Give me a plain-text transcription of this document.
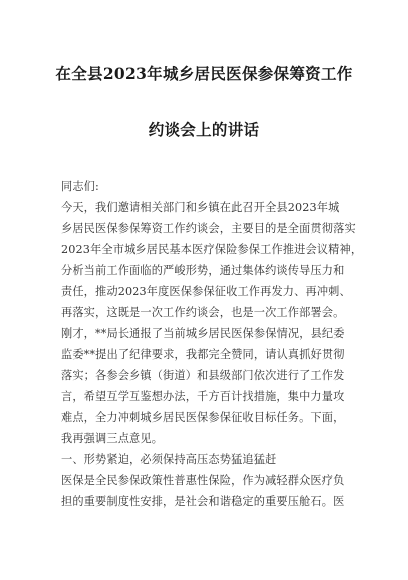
在全县2023年城乡居民医保参保筹资工作
约谈会上的讲话
同志们:
今天，我们邀请相关部门和乡镇在此召开全县2023年城
乡居民医保参保筹资工作约谈会，主要目的是全面贯彻落实
2023年全市城乡居民基本医疗保险参保工作推进会议精神，
分析当前工作面临的严峻形势，通过集体约谈传导压力和
责任，推动2023年度医保参保征收工作再发力、再冲刺、
再落实，这既是一次工作约谈会，也是一次工作部署会。
刚才，**局长通报了当前城乡居民医保参保情况，县纪委
监委**提出了纪律要求，我都完全赞同，请认真抓好贯彻
落实；各参会乡镇（街道）和县级部门依次进行了工作发
言，希望互学互鉴想办法，千方百计找措施，集中力量攻
难点，全力冲刺城乡居民医保参保征收目标任务。下面，
我再强调三点意见。
一、形势紧迫，必须保持高压态势猛追猛赶
医保是全民参保政策性普惠性保险，作为减轻群众医疗负
担的重要制度性安排，是社会和谐稳定的重要压舱石。医
